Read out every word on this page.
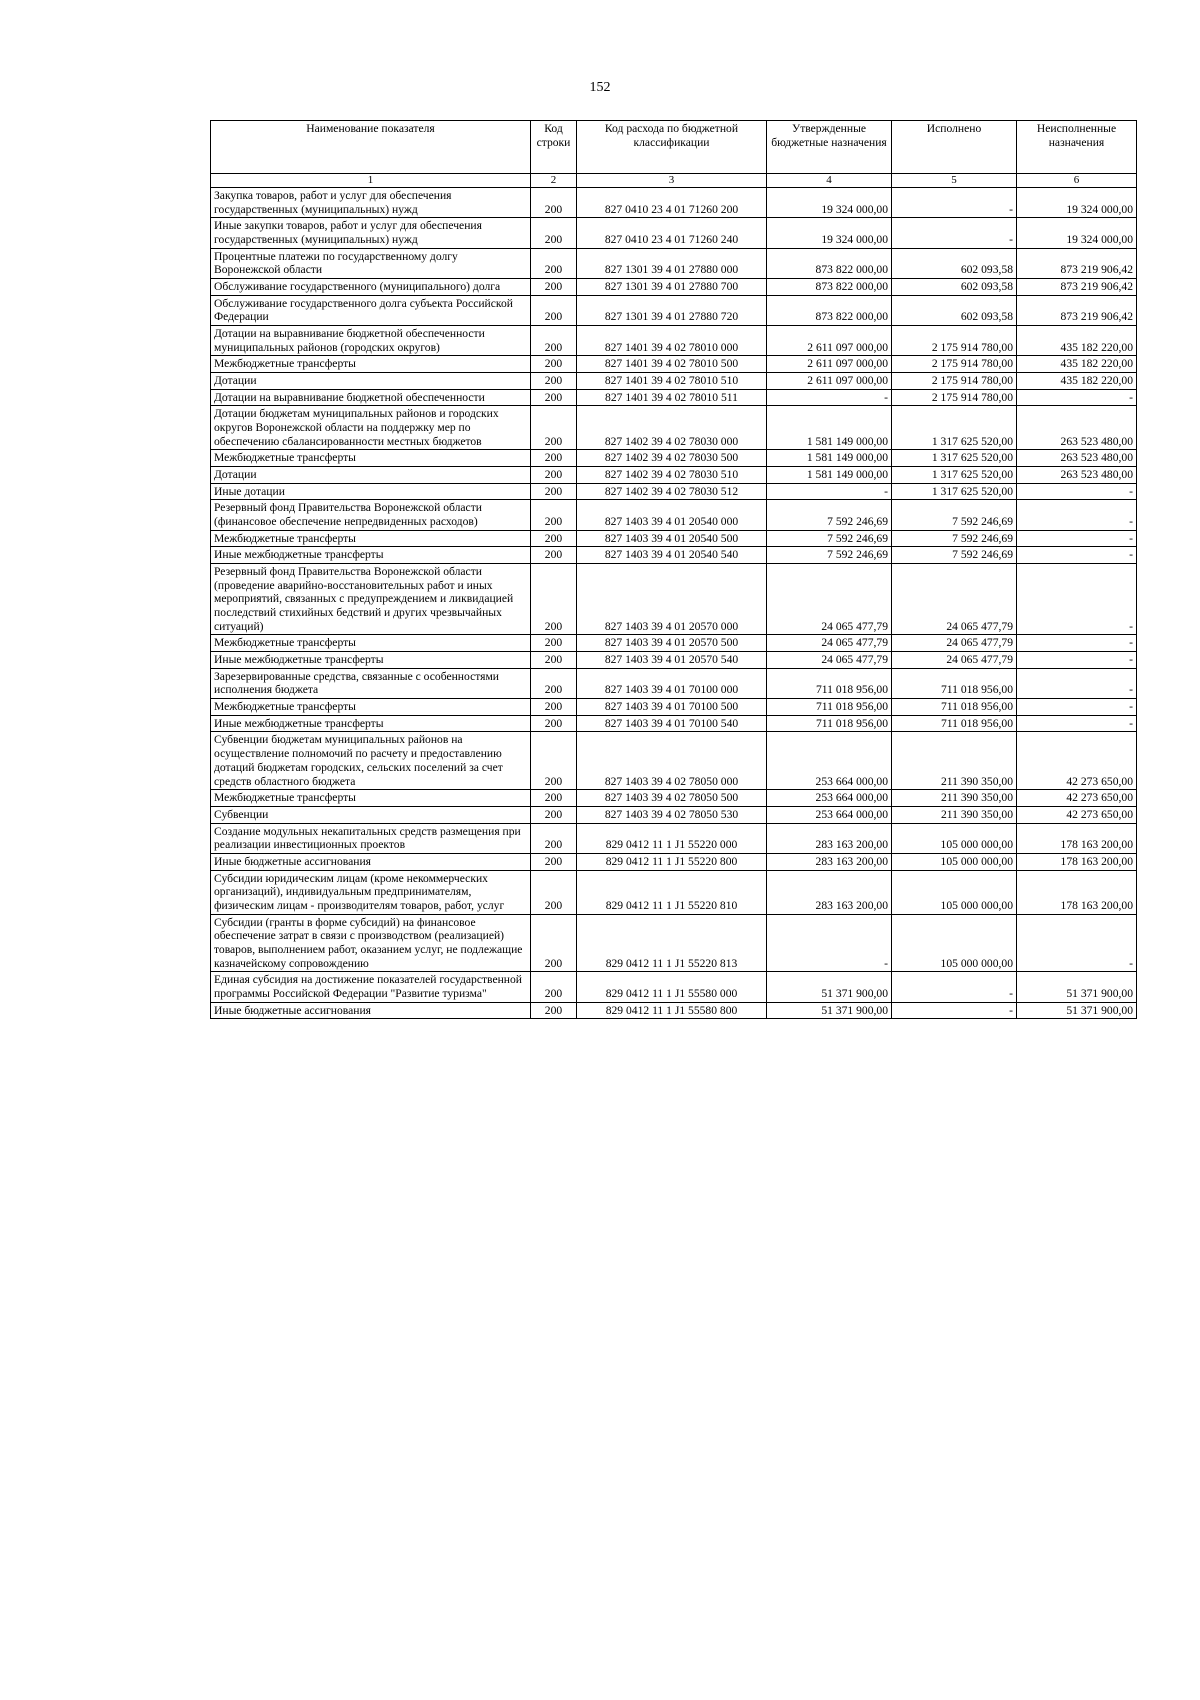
152
Наименование показателя	Код строки	Код расхода по бюджетной классификации	Утвержденные бюджетные назначения	Исполнено	Неисполненные назначения
1	2	3	4	5	6
Закупка товаров, работ и услуг для обеспечения государственных (муниципальных) нужд	200	827 0410 23 4 01 71260 200	19 324 000,00	-	19 324 000,00
Иные закупки товаров, работ и услуг для обеспечения государственных (муниципальных) нужд	200	827 0410 23 4 01 71260 240	19 324 000,00	-	19 324 000,00
Процентные платежи по государственному долгу Воронежской области	200	827 1301 39 4 01 27880 000	873 822 000,00	602 093,58	873 219 906,42
Обслуживание государственного (муниципального) долга	200	827 1301 39 4 01 27880 700	873 822 000,00	602 093,58	873 219 906,42
Обслуживание государственного долга субъекта Российской Федерации	200	827 1301 39 4 01 27880 720	873 822 000,00	602 093,58	873 219 906,42
Дотации на выравнивание бюджетной обеспеченности муниципальных районов (городских округов)	200	827 1401 39 4 02 78010 000	2 611 097 000,00	2 175 914 780,00	435 182 220,00
Межбюджетные трансферты	200	827 1401 39 4 02 78010 500	2 611 097 000,00	2 175 914 780,00	435 182 220,00
Дотации	200	827 1401 39 4 02 78010 510	2 611 097 000,00	2 175 914 780,00	435 182 220,00
Дотации на выравнивание бюджетной обеспеченности	200	827 1401 39 4 02 78010 511	-	2 175 914 780,00	-
Дотации бюджетам муниципальных районов и городских округов Воронежской области на поддержку мер по обеспечению сбалансированности местных бюджетов	200	827 1402 39 4 02 78030 000	1 581 149 000,00	1 317 625 520,00	263 523 480,00
Межбюджетные трансферты	200	827 1402 39 4 02 78030 500	1 581 149 000,00	1 317 625 520,00	263 523 480,00
Дотации	200	827 1402 39 4 02 78030 510	1 581 149 000,00	1 317 625 520,00	263 523 480,00
Иные дотации	200	827 1402 39 4 02 78030 512	-	1 317 625 520,00	-
Резервный фонд Правительства Воронежской области (финансовое обеспечение непредвиденных расходов)	200	827 1403 39 4 01 20540 000	7 592 246,69	7 592 246,69	-
Межбюджетные трансферты	200	827 1403 39 4 01 20540 500	7 592 246,69	7 592 246,69	-
Иные межбюджетные трансферты	200	827 1403 39 4 01 20540 540	7 592 246,69	7 592 246,69	-
Резервный фонд Правительства Воронежской области (проведение аварийно-восстановительных работ и иных мероприятий, связанных с предупреждением и ликвидацией последствий стихийных бедствий и других чрезвычайных ситуаций)	200	827 1403 39 4 01 20570 000	24 065 477,79	24 065 477,79	-
Межбюджетные трансферты	200	827 1403 39 4 01 20570 500	24 065 477,79	24 065 477,79	-
Иные межбюджетные трансферты	200	827 1403 39 4 01 20570 540	24 065 477,79	24 065 477,79	-
Зарезервированные средства, связанные с особенностями исполнения бюджета	200	827 1403 39 4 01 70100 000	711 018 956,00	711 018 956,00	-
Межбюджетные трансферты	200	827 1403 39 4 01 70100 500	711 018 956,00	711 018 956,00	-
Иные межбюджетные трансферты	200	827 1403 39 4 01 70100 540	711 018 956,00	711 018 956,00	-
Субвенции бюджетам муниципальных районов на осуществление полномочий по расчету и предоставлению дотаций бюджетам городских, сельских поселений за счет средств областного бюджета	200	827 1403 39 4 02 78050 000	253 664 000,00	211 390 350,00	42 273 650,00
Межбюджетные трансферты	200	827 1403 39 4 02 78050 500	253 664 000,00	211 390 350,00	42 273 650,00
Субвенции	200	827 1403 39 4 02 78050 530	253 664 000,00	211 390 350,00	42 273 650,00
Создание модульных некапитальных средств размещения при реализации инвестиционных проектов	200	829 0412 11 1 J1 55220 000	283 163 200,00	105 000 000,00	178 163 200,00
Иные бюджетные ассигнования	200	829 0412 11 1 J1 55220 800	283 163 200,00	105 000 000,00	178 163 200,00
Субсидии юридическим лицам (кроме некоммерческих организаций), индивидуальным предпринимателям, физическим лицам - производителям товаров, работ, услуг	200	829 0412 11 1 J1 55220 810	283 163 200,00	105 000 000,00	178 163 200,00
Субсидии (гранты в форме субсидий) на финансовое обеспечение затрат в связи с производством (реализацией) товаров, выполнением работ, оказанием услуг, не подлежащие казначейскому сопровождению	200	829 0412 11 1 J1 55220 813	-	105 000 000,00	-
Единая субсидия на достижение показателей государственной программы Российской Федерации "Развитие туризма"	200	829 0412 11 1 J1 55580 000	51 371 900,00	-	51 371 900,00
Иные бюджетные ассигнования	200	829 0412 11 1 J1 55580 800	51 371 900,00	-	51 371 900,00
